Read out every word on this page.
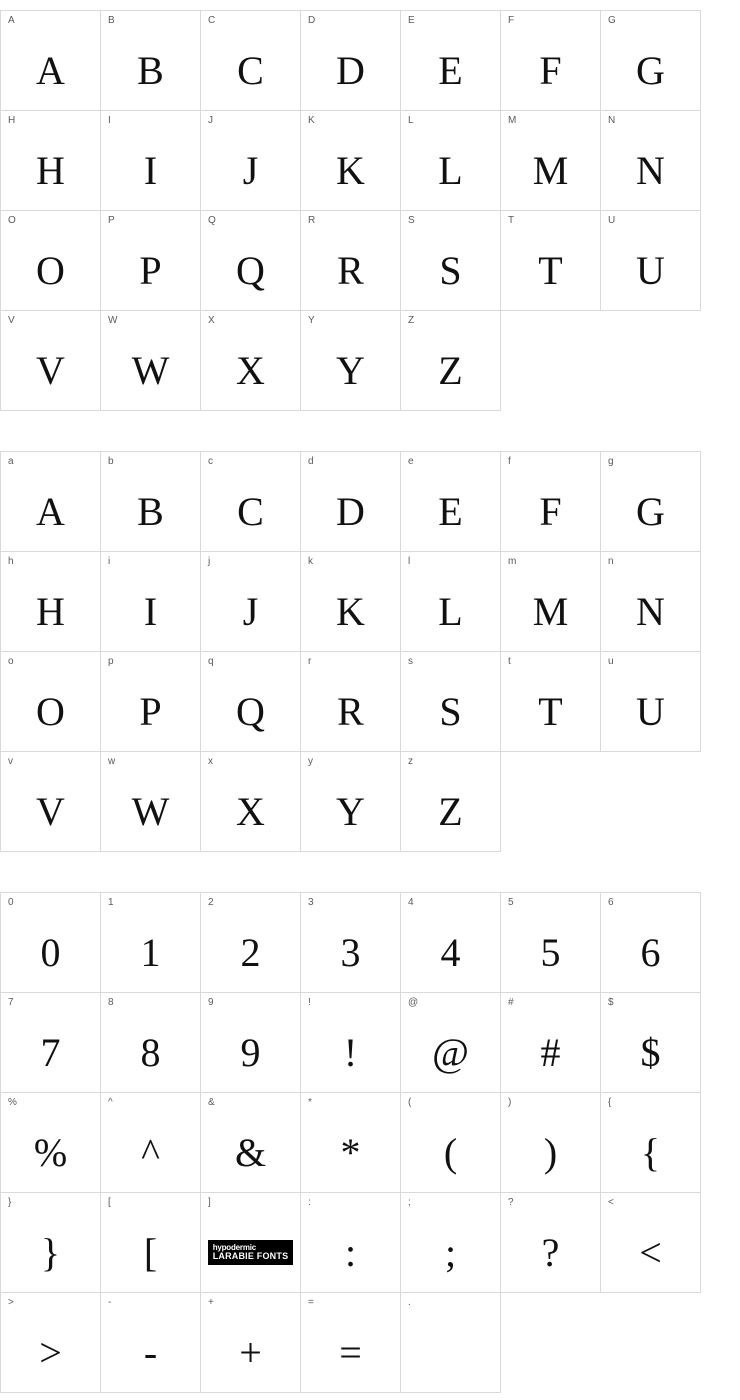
A
A
B
B
C
C
D
D
E
E
F
F
G
G
H
H
I
I
J
J
K
K
L
L
M
M
N
N
O
O
P
P
Q
Q
R
R
S
S
T
T
U
U
V
V
W
W
X
X
Y
Y
Z
Z
a
A
b
B
c
C
d
D
e
E
f
F
g
G
h
H
i
I
j
J
k
K
l
L
m
M
n
N
o
O
p
P
q
Q
r
R
s
S
t
T
u
U
v
V
w
W
x
X
y
Y
z
Z
0
0
1
1
2
2
3
3
4
4
5
5
6
6
7
7
8
8
9
9
!
!
@
@
#
#
$
$
%
%
^
^
&
&
*
*
(
(
)
)
{
{
}
}
[
[
]
hypodermic
LARABIE FONTS
:
:
;
;
?
?
<
<
>
>
-
-
+
+
=
=
.
